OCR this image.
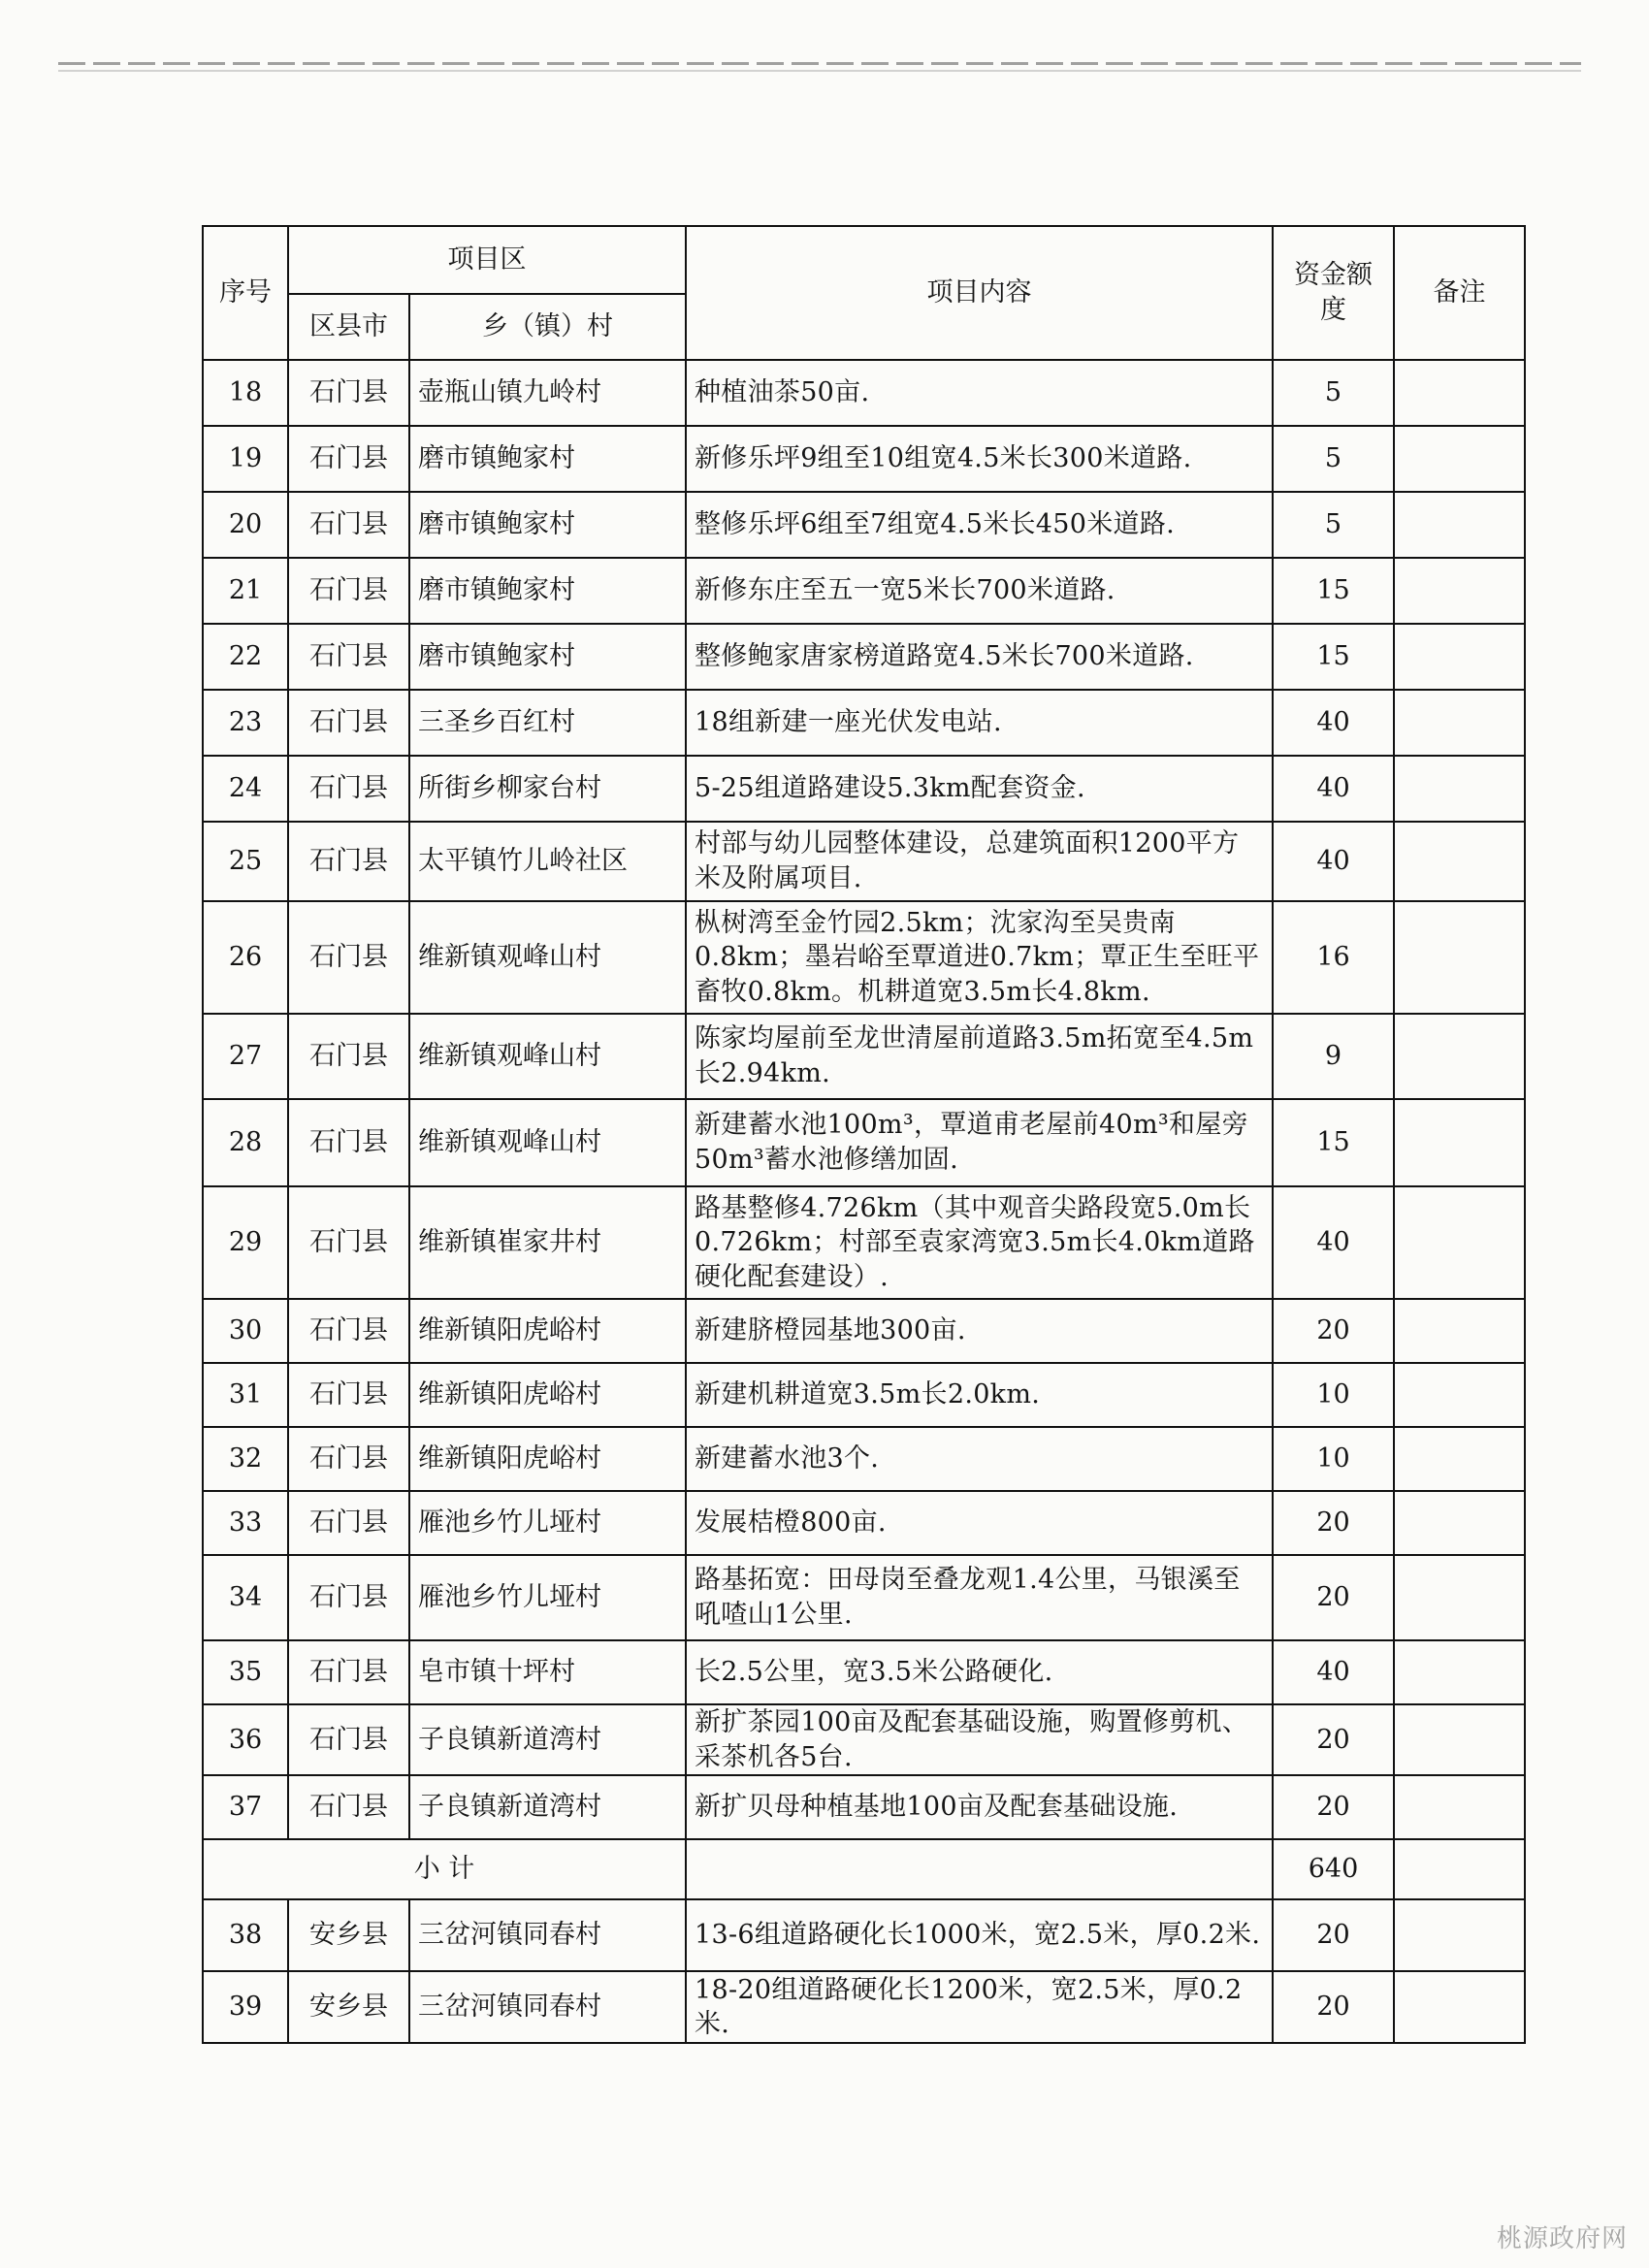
序号	项目区		项目内容	资金额度	备注
	区县市	乡（镇）村			
18	石门县	壶瓶山镇九岭村	种植油茶50亩.	5	
19	石门县	磨市镇鲍家村	新修乐坪9组至10组宽4.5米长300米道路.	5	
20	石门县	磨市镇鲍家村	整修乐坪6组至7组宽4.5米长450米道路.	5	
21	石门县	磨市镇鲍家村	新修东庄至五一宽5米长700米道路.	15	
22	石门县	磨市镇鲍家村	整修鲍家唐家榜道路宽4.5米长700米道路.	15	
23	石门县	三圣乡百红村	18组新建一座光伏发电站.	40	
24	石门县	所街乡柳家台村	5-25组道路建设5.3km配套资金.	40	
25	石门县	太平镇竹儿岭社区	村部与幼儿园整体建设，总建筑面积1200平方米及附属项目.	40	
26	石门县	维新镇观峰山村	枞树湾至金竹园2.5km；沈家沟至吴贵南0.8km；墨岩峪至覃道进0.7km；覃正生至旺平畜牧0.8km。机耕道宽3.5m长4.8km.	16	
27	石门县	维新镇观峰山村	陈家均屋前至龙世清屋前道路3.5m拓宽至4.5m长2.94km.	9	
28	石门县	维新镇观峰山村	新建蓄水池100m³，覃道甫老屋前40m³和屋旁50m³蓄水池修缮加固.	15	
29	石门县	维新镇崔家井村	路基整修4.726km（其中观音尖路段宽5.0m长0.726km；村部至袁家湾宽3.5m长4.0km道路硬化配套建设）.	40	
30	石门县	维新镇阳虎峪村	新建脐橙园基地300亩.	20	
31	石门县	维新镇阳虎峪村	新建机耕道宽3.5m长2.0km.	10	
32	石门县	维新镇阳虎峪村	新建蓄水池3个.	10	
33	石门县	雁池乡竹儿垭村	发展桔橙800亩.	20	
34	石门县	雁池乡竹儿垭村	路基拓宽：田母岗至叠龙观1.4公里，马银溪至吼喳山1公里.	20	
35	石门县	皂市镇十坪村	长2.5公里，宽3.5米公路硬化.	40	
36	石门县	子良镇新道湾村	新扩茶园100亩及配套基础设施，购置修剪机、采茶机各5台.	20	
37	石门县	子良镇新道湾村	新扩贝母种植基地100亩及配套基础设施.	20	
小 计				640	
38	安乡县	三岔河镇同春村	13-6组道路硬化长1000米，宽2.5米，厚0.2米.	20	
39	安乡县	三岔河镇同春村	18-20组道路硬化长1200米，宽2.5米，厚0.2米.	20	
桃源政府网
